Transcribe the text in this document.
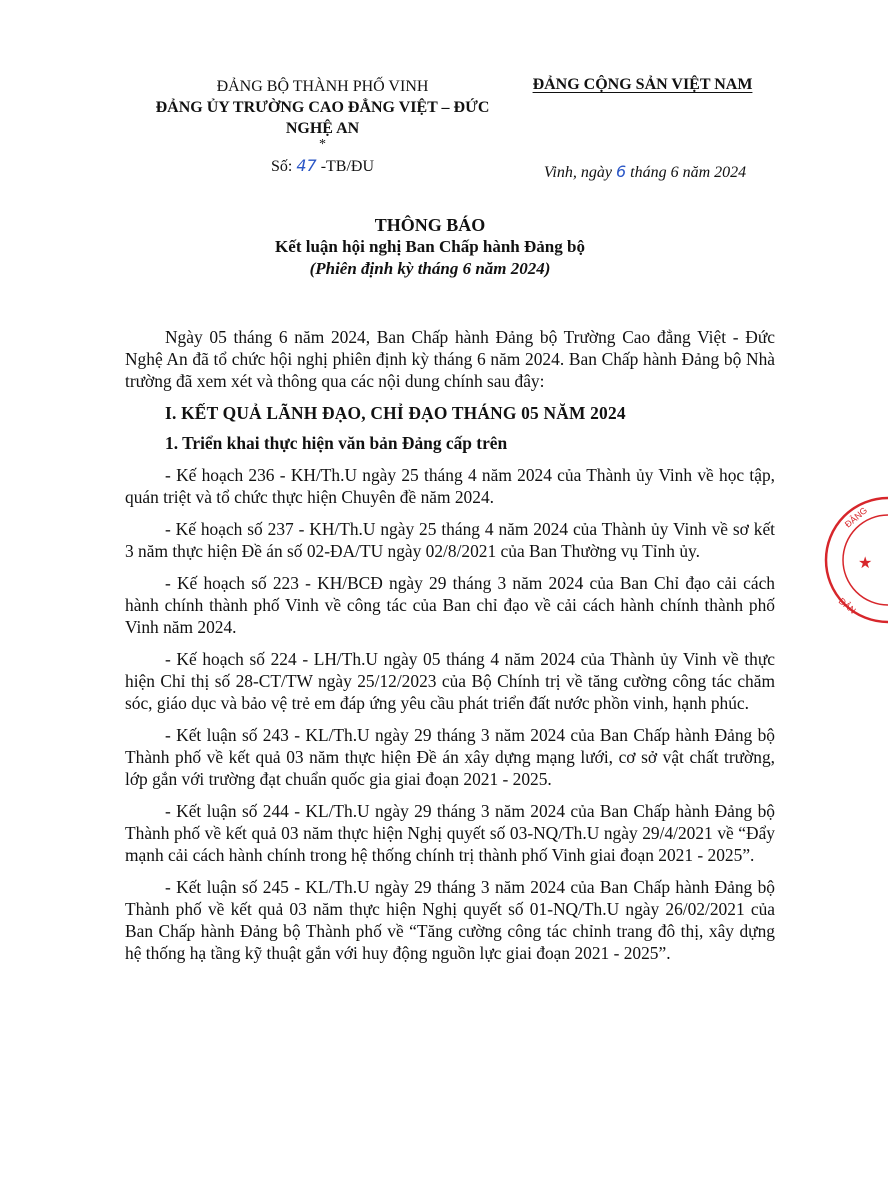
ĐẢNG BỘ THÀNH PHỐ VINH
ĐẢNG ỦY TRƯỜNG CAO ĐẲNG VIỆT – ĐỨC
NGHỆ AN
*
Số: 47 -TB/ĐU
ĐẢNG CỘNG SẢN VIỆT NAM
Vinh, ngày 6 tháng 6 năm 2024
THÔNG BÁO
Kết luận hội nghị Ban Chấp hành Đảng bộ
(Phiên định kỳ tháng 6 năm 2024)

Ngày 05 tháng 6 năm 2024, Ban Chấp hành Đảng bộ Trường Cao đẳng Việt - Đức Nghệ An đã tổ chức hội nghị phiên định kỳ tháng 6 năm 2024. Ban Chấp hành Đảng bộ Nhà trường đã xem xét và thông qua các nội dung chính sau đây:

I. KẾT QUẢ LÃNH ĐẠO, CHỈ ĐẠO THÁNG 05 NĂM 2024
1. Triển khai thực hiện văn bản Đảng cấp trên

- Kế hoạch 236 - KH/Th.U ngày 25 tháng 4 năm 2024 của Thành ủy Vinh về học tập, quán triệt và tổ chức thực hiện Chuyên đề năm 2024.

- Kế hoạch số 237 - KH/Th.U ngày 25 tháng 4 năm 2024 của Thành ủy Vinh về sơ kết 3 năm thực hiện Đề án số 02-ĐA/TU ngày 02/8/2021 của Ban Thường vụ Tỉnh ủy.

- Kế hoạch số 223 - KH/BCĐ ngày 29 tháng 3 năm 2024 của Ban Chỉ đạo cải cách hành chính thành phố Vinh về công tác của Ban chỉ đạo về cải cách hành chính thành phố Vinh năm 2024.

- Kế hoạch số 224 - LH/Th.U ngày 05 tháng 4 năm 2024 của Thành ủy Vinh về thực hiện Chỉ thị số 28-CT/TW ngày 25/12/2023 của Bộ Chính trị về tăng cường công tác chăm sóc, giáo dục và bảo vệ trẻ em đáp ứng yêu cầu phát triển đất nước phồn vinh, hạnh phúc.

- Kết luận số 243 - KL/Th.U ngày 29 tháng 3 năm 2024 của Ban Chấp hành Đảng bộ Thành phố về kết quả 03 năm thực hiện Đề án xây dựng mạng lưới, cơ sở vật chất trường, lớp gắn với trường đạt chuẩn quốc gia giai đoạn 2021 - 2025.

- Kết luận số 244 - KL/Th.U ngày 29 tháng 3 năm 2024 của Ban Chấp hành Đảng bộ Thành phố về kết quả 03 năm thực hiện Nghị quyết số 03-NQ/Th.U ngày 29/4/2021 về “Đẩy mạnh cải cách hành chính trong hệ thống chính trị thành phố Vinh giai đoạn 2021 - 2025”.

- Kết luận số 245 - KL/Th.U ngày 29 tháng 3 năm 2024 của Ban Chấp hành Đảng bộ Thành phố về kết quả 03 năm thực hiện Nghị quyết số 01-NQ/Th.U ngày 26/02/2021 của Ban Chấp hành Đảng bộ Thành phố về “Tăng cường công tác chỉnh trang đô thị, xây dựng hệ thống hạ tầng kỹ thuật gắn với huy động nguồn lực giai đoạn 2021 - 2025”.

ĐẢNG
★
ĐẢN
